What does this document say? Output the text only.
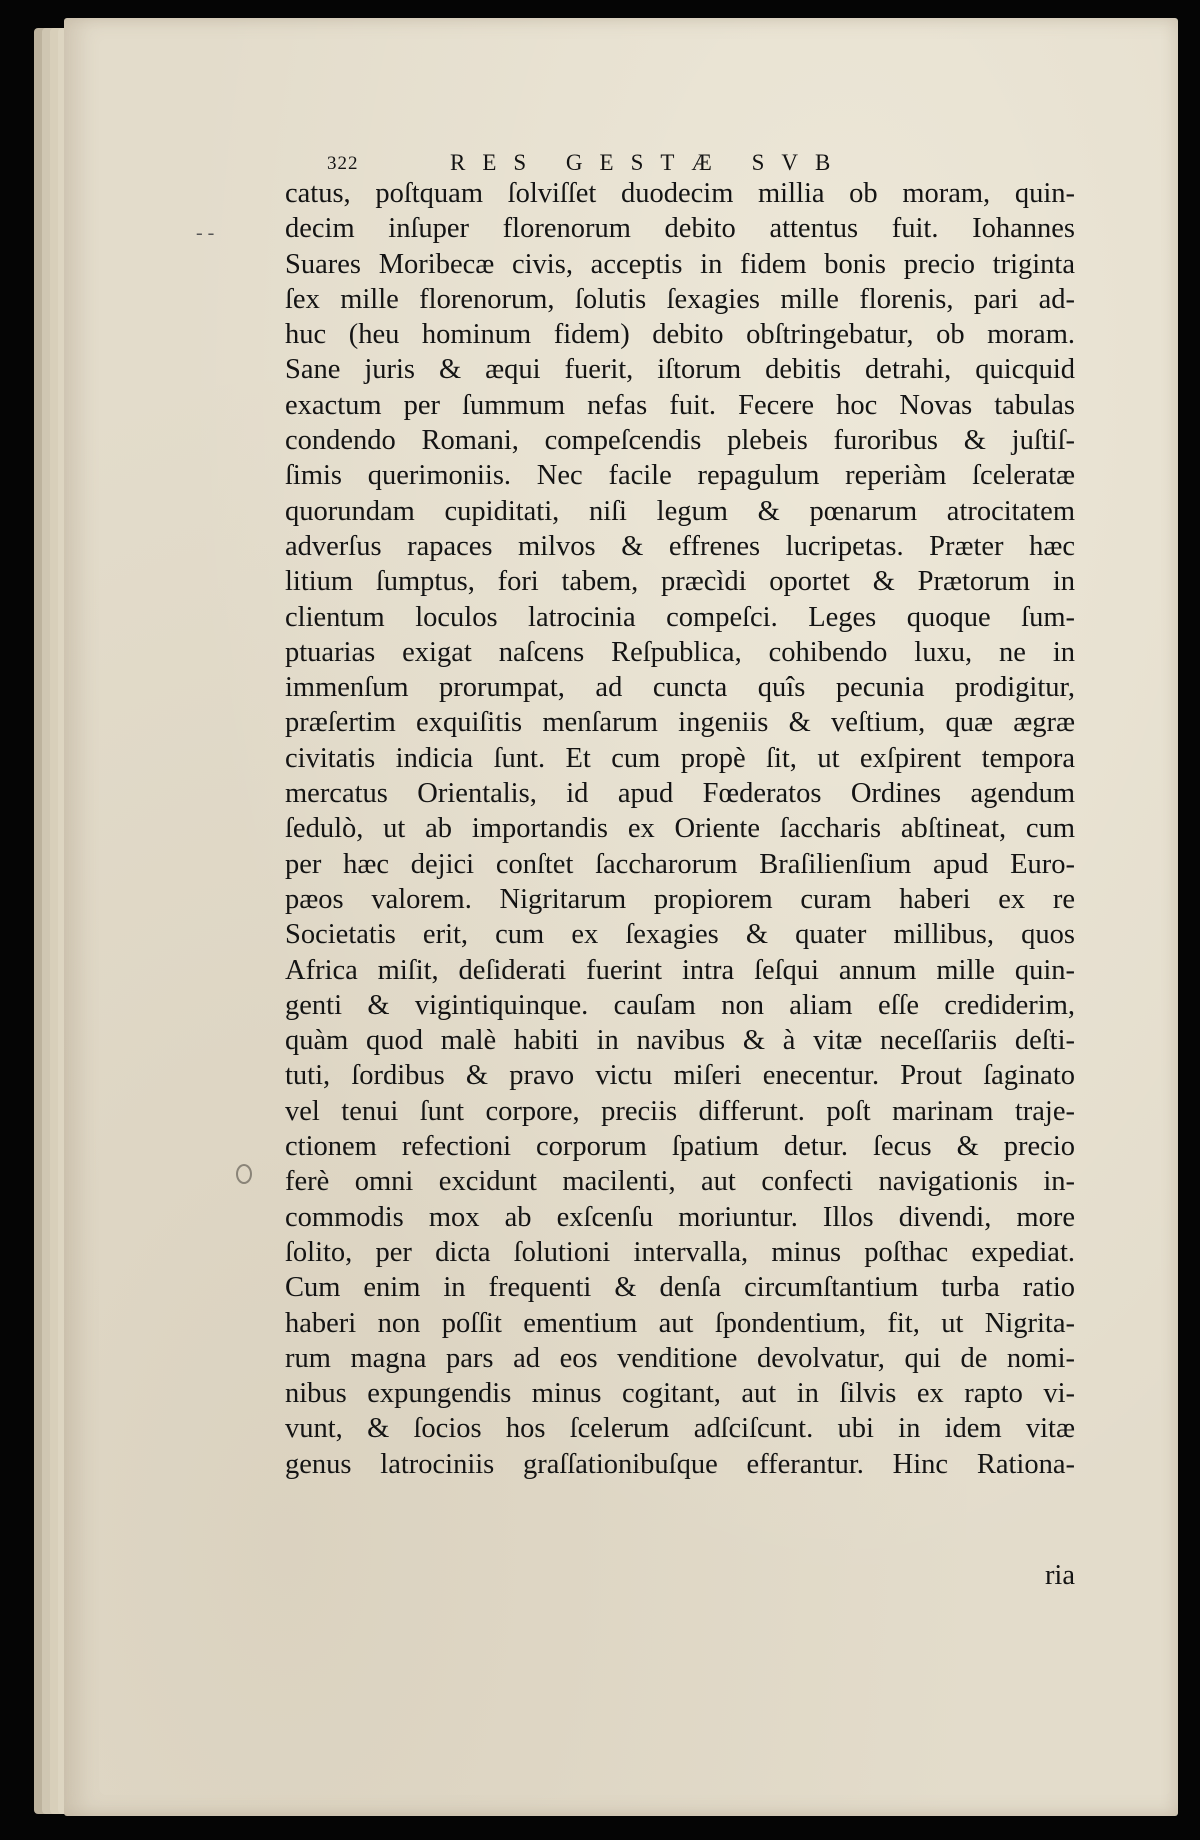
- -
322	RES GESTÆ SVB
catus, poſtquam ſolviſſet duodecim millia ob moram, quin-
decim inſuper florenorum debito attentus fuit. Iohannes
Suares Moribecæ civis, acceptis in fidem bonis precio triginta
ſex mille florenorum, ſolutis ſexagies mille florenis, pari ad-
huc (heu hominum fidem) debito obſtringebatur, ob moram.
Sane juris & æqui fuerit, iſtorum debitis detrahi, quicquid
exactum per ſummum nefas fuit. Fecere hoc Novas tabulas
condendo Romani, compeſcendis plebeis furoribus & juſtiſ-
ſimis querimoniis. Nec facile repagulum reperiàm ſceleratæ
quorundam cupiditati, niſi legum & pœnarum atrocitatem
adverſus rapaces milvos & effrenes lucripetas. Præter hæc
litium ſumptus, fori tabem, præcìdi oportet & Prætorum in
clientum loculos latrocinia compeſci. Leges quoque ſum-
ptuarias exigat naſcens Reſpublica, cohibendo luxu, ne in
immenſum prorumpat, ad cuncta quîs pecunia prodigitur,
præſertim exquiſitis menſarum ingeniis & veſtium, quæ ægræ
civitatis indicia ſunt. Et cum propè ſit, ut exſpirent tempora
mercatus Orientalis, id apud Fœderatos Ordines agendum
ſedulò, ut ab importandis ex Oriente ſaccharis abſtineat, cum
per hæc dejici conſtet ſaccharorum Braſilienſium apud Euro-
pæos valorem. Nigritarum propiorem curam haberi ex re
Societatis erit, cum ex ſexagies & quater millibus, quos
Africa miſit, deſiderati fuerint intra ſeſqui annum mille quin-
genti & vigintiquinque. cauſam non aliam eſſe crediderim,
quàm quod malè habiti in navibus & à vitæ neceſſariis deſti-
tuti, ſordibus & pravo victu miſeri enecentur. Prout ſaginato
vel tenui ſunt corpore, preciis differunt. poſt marinam traje-
ctionem refectioni corporum ſpatium detur. ſecus & precio
ferè omni excidunt macilenti, aut confecti navigationis in-
commodis mox ab exſcenſu moriuntur. Illos divendi, more
ſolito, per dicta ſolutioni intervalla, minus poſthac expediat.
Cum enim in frequenti & denſa circumſtantium turba ratio
haberi non poſſit ementium aut ſpondentium, fit, ut Nigrita-
rum magna pars ad eos venditione devolvatur, qui de nomi-
nibus expungendis minus cogitant, aut in ſilvis ex rapto vi-
vunt, & ſocios hos ſcelerum adſciſcunt. ubi in idem vitæ
genus latrociniis graſſationibuſque efferantur. Hinc Rationa-
ria
